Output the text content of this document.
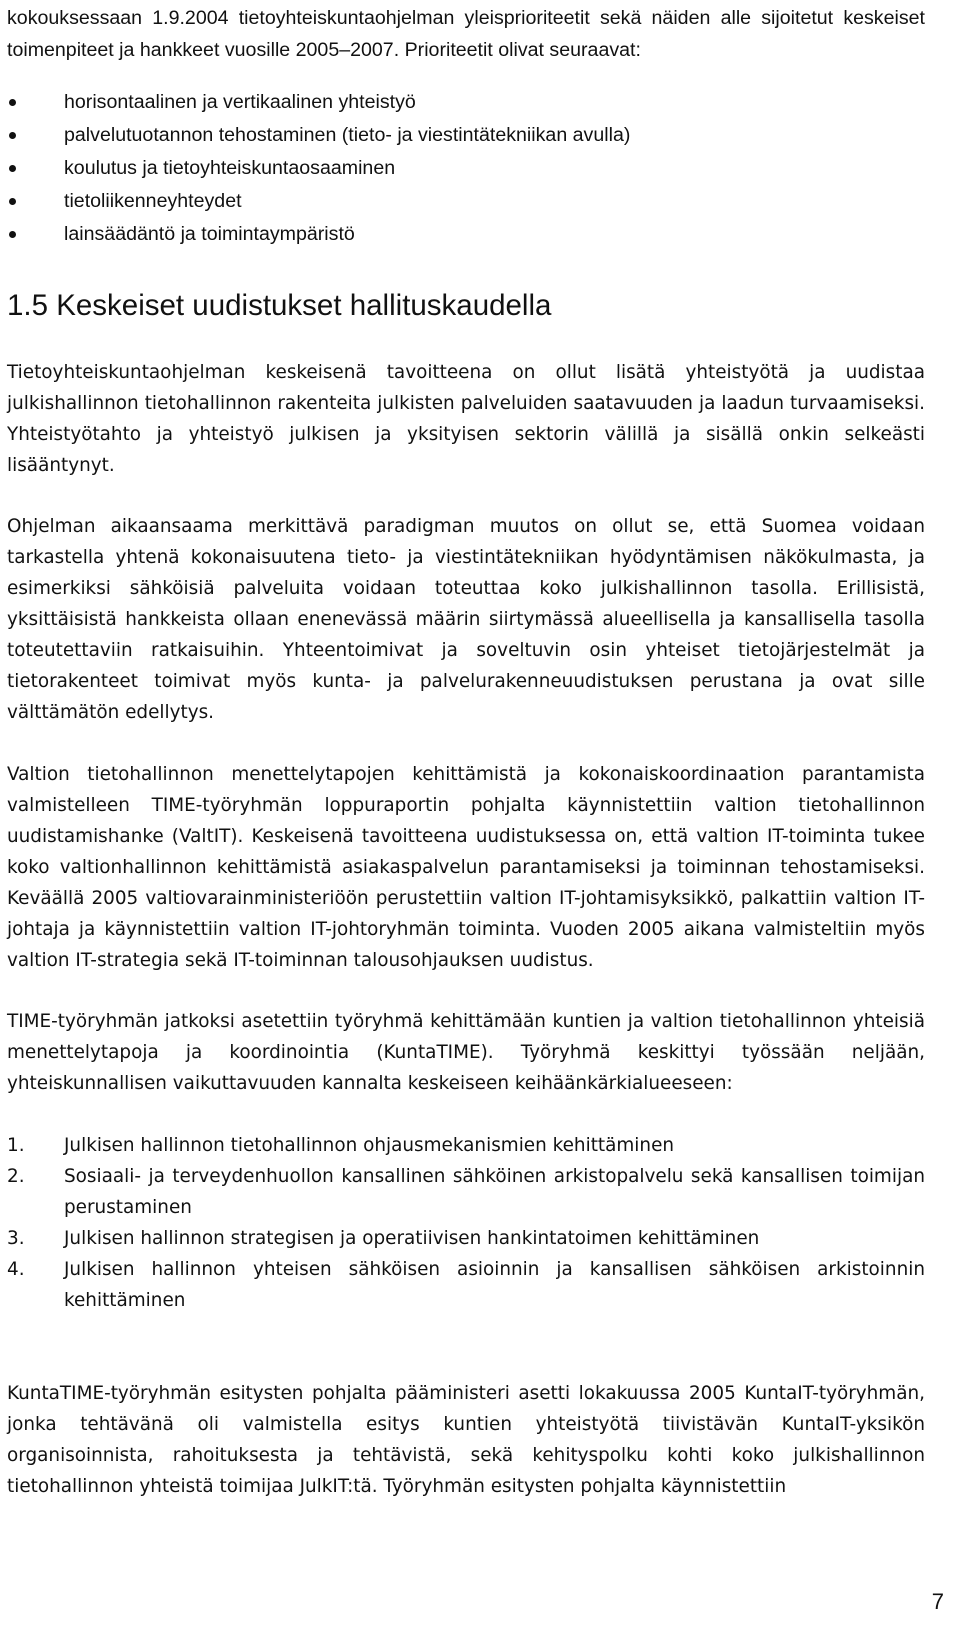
kokouksessaan 1.9.2004 tietoyhteiskuntaohjelman yleisprioriteetit sekä näiden alle sijoitetut keskeiset toimenpiteet ja hankkeet vuosille 2005–2007. Prioriteetit olivat seuraavat:

horisontaalinen ja vertikaalinen yhteistyö
palvelutuotannon tehostaminen (tieto- ja viestintätekniikan avulla)
koulutus ja tietoyhteiskuntaosaaminen
tietoliikenneyhteydet
lainsäädäntö ja toimintaympäristö
1.5 Keskeiset uudistukset hallituskaudella

Tietoyhteiskuntaohjelman keskeisenä tavoitteena on ollut lisätä yhteistyötä ja uudistaa julkishallinnon tietohallinnon rakenteita julkisten palveluiden saatavuuden ja laadun turvaamiseksi. Yhteistyötahto ja yhteistyö julkisen ja yksityisen sektorin välillä ja sisällä onkin selkeästi lisääntynyt.

Ohjelman aikaansaama merkittävä paradigman muutos on ollut se, että Suomea voidaan tarkastella yhtenä kokonaisuutena tieto- ja viestintätekniikan hyödyntämisen näkökulmasta, ja esimerkiksi sähköisiä palveluita voidaan toteuttaa koko julkishallinnon tasolla. Erillisistä, yksittäisistä hankkeista ollaan enenevässä määrin siirtymässä alueellisella ja kansallisella tasolla toteutettaviin ratkaisuihin. Yhteentoimivat ja soveltuvin osin yhteiset tietojärjestelmät ja tietorakenteet toimivat myös kunta- ja palvelurakenneuudistuksen perustana ja ovat sille välttämätön edellytys.

Valtion tietohallinnon menettelytapojen kehittämistä ja kokonaiskoordinaation parantamista valmistelleen TIME-työryhmän loppuraportin pohjalta käynnistettiin valtion tietohallinnon uudistamishanke (ValtIT). Keskeisenä tavoitteena uudistuksessa on, että valtion IT-toiminta tukee koko valtionhallinnon kehittämistä asiakaspalvelun parantamiseksi ja toiminnan tehostamiseksi. Keväällä 2005 valtiovarainministeriöön perustettiin valtion IT-johtamisyksikkö, palkattiin valtion IT-johtaja ja käynnistettiin valtion IT-johtoryhmän toiminta. Vuoden 2005 aikana valmisteltiin myös valtion IT-strategia sekä IT-toiminnan talousohjauksen uudistus.

TIME-työryhmän jatkoksi asetettiin työryhmä kehittämään kuntien ja valtion tietohallinnon yhteisiä menettelytapoja ja koordinointia (KuntaTIME). Työryhmä keskittyi työssään neljään, yhteiskunnallisen vaikuttavuuden kannalta keskeiseen keihäänkärkialueeseen:

1. Julkisen hallinnon tietohallinnon ohjausmekanismien kehittäminen
2. Sosiaali- ja terveydenhuollon kansallinen sähköinen arkistopalvelu sekä kansallisen toimijan perustaminen
3. Julkisen hallinnon strategisen ja operatiivisen hankintatoimen kehittäminen
4. Julkisen hallinnon yhteisen sähköisen asioinnin ja kansallisen sähköisen arkistoinnin kehittäminen

KuntaTIME-työryhmän esitysten pohjalta pääministeri asetti lokakuussa 2005 KuntaIT-työryhmän, jonka tehtävänä oli valmistella esitys kuntien yhteistyötä tiivistävän KuntaIT-yksikön organisoinnista, rahoituksesta ja tehtävistä, sekä kehityspolku kohti koko julkishallinnon tietohallinnon yhteistä toimijaa JulkIT:tä. Työryhmän esitysten pohjalta käynnistettiin

7
